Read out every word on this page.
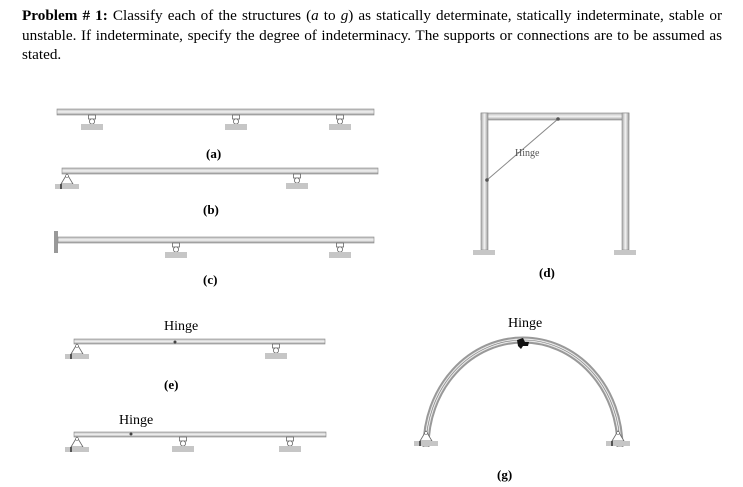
Problem # 1: Classify each of the structures (a to g) as statically determinate, statically indeterminate, stable or unstable. If indeterminate, specify the degree of indeterminacy. The supports or connections are to be assumed as stated.

(a)
(b)
(c)
Hinge
(d)
Hinge
(e)
Hinge
Hinge
(g)
